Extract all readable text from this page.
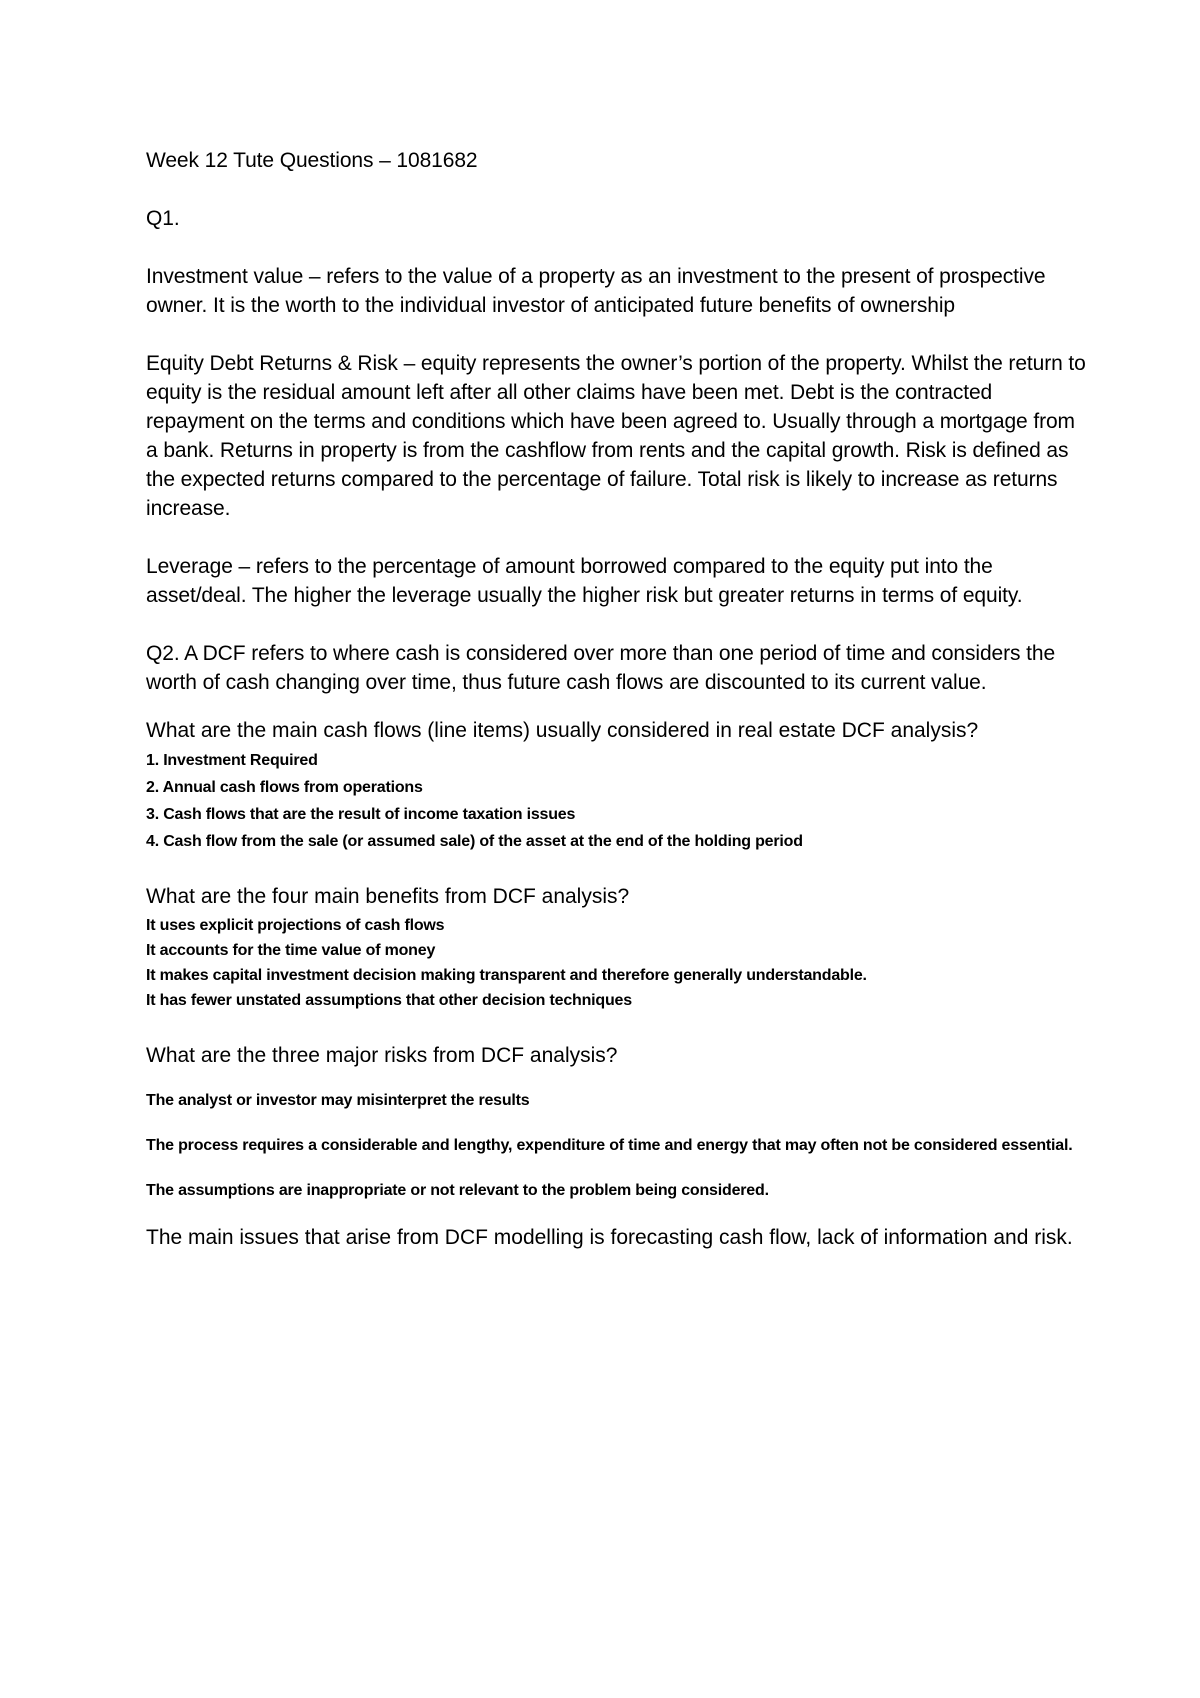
Week 12 Tute Questions – 1081682

Q1.

Investment value – refers to the value of a property as an investment to the present of prospective owner. It is the worth to the individual investor of anticipated future benefits of ownership

Equity Debt Returns & Risk – equity represents the owner’s portion of the property. Whilst the return to equity is the residual amount left after all other claims have been met. Debt is the contracted repayment on the terms and conditions which have been agreed to. Usually through a mortgage from a bank. Returns in property is from the cashflow from rents and the capital growth. Risk is defined as the expected returns compared to the percentage of failure. Total risk is likely to increase as returns increase.

Leverage – refers to the percentage of amount borrowed compared to the equity put into the asset/deal. The higher the leverage usually the higher risk but greater returns in terms of equity.

Q2. A DCF refers to where cash is considered over more than one period of time and considers the worth of cash changing over time, thus future cash flows are discounted to its current value.

What are the main cash flows (line items) usually considered in real estate DCF analysis?

1. Investment Required
2. Annual cash flows from operations
3. Cash flows that are the result of income taxation issues
4. Cash flow from the sale (or assumed sale) of the asset at the end of the holding period

What are the four main benefits from DCF analysis?

It uses explicit projections of cash flows
It accounts for the time value of money
It makes capital investment decision making transparent and therefore generally understandable.
It has fewer unstated assumptions that other decision techniques

What are the three major risks from DCF analysis?

The analyst or investor may misinterpret the results

The process requires a considerable and lengthy, expenditure of time and energy that may often not be considered essential.

The assumptions are inappropriate or not relevant to the problem being considered.

The main issues that arise from DCF modelling is forecasting cash flow, lack of information and risk.
